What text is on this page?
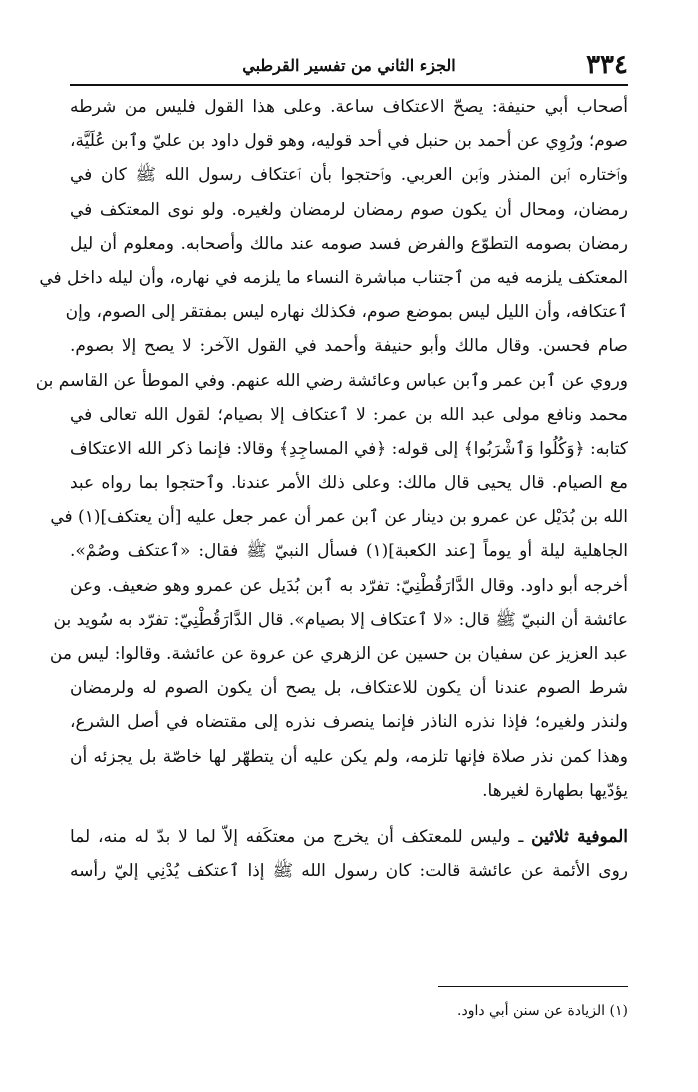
٣٣٤
الجزء الثاني من تفسير القرطبي
أصحاب أبي حنيفة: يصحّ الاعتكاف ساعة. وعلى هذا القول فليس من شرطه
صوم؛ ورُوِي عن أحمد بن حنبل في أحد قوليه، وهو قول داود بن عليّ وٱبن عُلَيَّة،
وٱختاره ٱبن المنذر وٱبن العربي. وٱحتجوا بأن ٱعتكاف رسول الله ﷺ كان في
رمضان، ومحال أن يكون صوم رمضان لرمضان ولغيره. ولو نوى المعتكف في
رمضان بصومه التطوّع والفرض فسد صومه عند مالك وأصحابه. ومعلوم أن ليل
المعتكف يلزمه فيه من ٱجتناب مباشرة النساء ما يلزمه في نهاره، وأن ليله داخل في
ٱعتكافه، وأن الليل ليس بموضع صوم، فكذلك نهاره ليس بمفتقر إلى الصوم، وإن
صام فحسن. وقال مالك وأبو حنيفة وأحمد في القول الآخر: لا يصح إلا بصوم.
وروي عن ٱبن عمر وٱبن عباس وعائشة رضي الله عنهم. وفي الموطأ عن القاسم بن
محمد ونافع مولى عبد الله بن عمر: لا ٱعتكاف إلا بصيام؛ لقول الله تعالى في
كتابه: ﴿وَكُلُوا وَٱشْرَبُوا﴾ إلى قوله: ﴿في المساجِدِ﴾ وقالا: فإنما ذكر الله الاعتكاف
مع الصيام. قال يحيى قال مالك: وعلى ذلك الأمر عندنا. وٱحتجوا بما رواه عبد
الله بن بُدَيْل عن عمرو بن دينار عن ٱبن عمر أن عمر جعل عليه [أن يعتكف](١) في
الجاهلية ليلة أو يوماً [عند الكعبة](١) فسأل النبيّ ﷺ فقال: «ٱعتكف وصُمْ».
أخرجه أبو داود. وقال الدَّارَقُطْنِيّ: تفرّد به ٱبن بُدَيل عن عمرو وهو ضعيف. وعن
عائشة أن النبيّ ﷺ قال: «لا ٱعتكاف إلا بصيام». قال الدَّارَقُطْنِيّ: تفرّد به سُويد بن
عبد العزيز عن سفيان بن حسين عن الزهري عن عروة عن عائشة. وقالوا: ليس من
شرط الصوم عندنا أن يكون للاعتكاف، بل يصح أن يكون الصوم له ولرمضان
ولنذر ولغيره؛ فإذا نذره الناذر فإنما ينصرف نذره إلى مقتضاه في أصل الشرع،
وهذا كمن نذر صلاة فإنها تلزمه، ولم يكن عليه أن يتطهّر لها خاصّة بل يجزئه أن
يؤدّيها بطهارة لغيرها.
الموفية ثلاثين ـ وليس للمعتكف أن يخرج من معتكَفه إلاّ لما لا بدّ له منه، لما
روى الأئمة عن عائشة قالت: كان رسول الله ﷺ إذا ٱعتكف يُدْنِي إليّ رأسه
(١) الزيادة عن سنن أبي داود.
